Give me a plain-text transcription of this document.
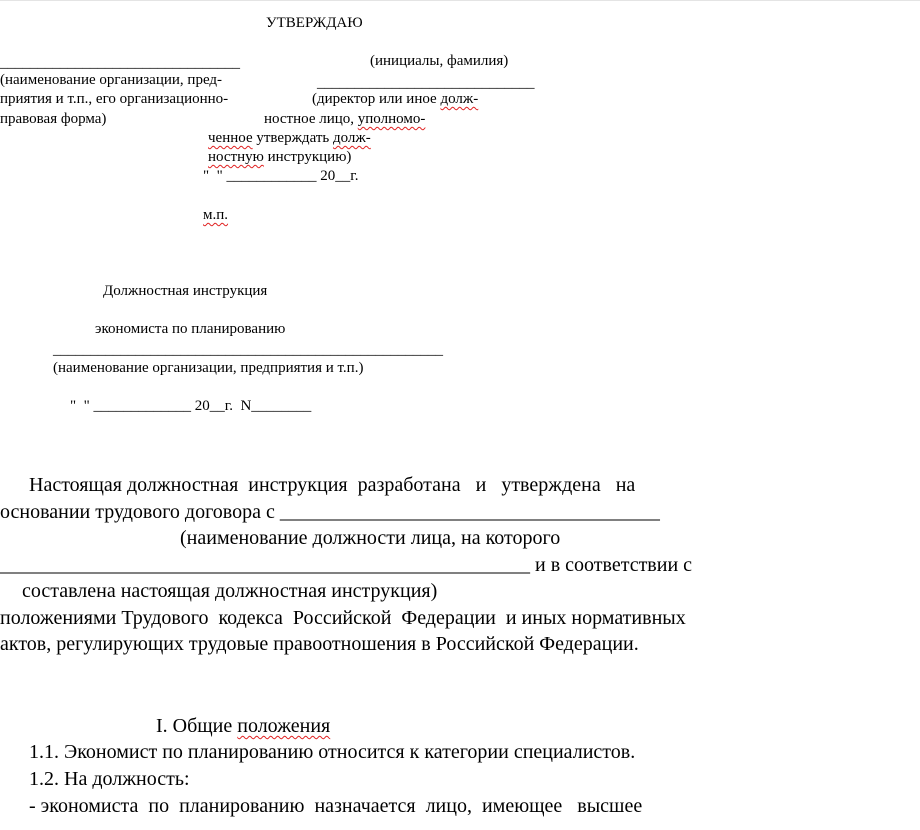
УТВЕРЖДАЮ
________________________________	(инициалы, фамилия)
_____________________________
(наименование организации, пред-
(директор или иное долж-
приятия и т.п., его организационно-
правовая форма)	ностное лицо, уполномо-
ченное утверждать долж-
ностную инструкцию)
"  " ____________ 20__г.
м.п.
Должностная инструкция
экономиста по планированию
____________________________________________________
(наименование организации, предприятия и т.п.)
"  " _____________ 20__г.  N________
Настоящая должностная  инструкция  разработана   и   утверждена   на
основании трудового договора с ______________________________________
(наименование должности лица, на которого
_____________________________________________________ и в соответствии с
составлена настоящая должностная инструкция)
положениями Трудового  кодекса  Российской  Федерации  и иных нормативных
актов, регулирующих трудовые правоотношения в Российской Федерации.
I. Общие положения
1.1. Экономист по планированию относится к категории специалистов.
1.2. На должность:
- экономиста  по  планированию  назначается  лицо,  имеющее   высшее
